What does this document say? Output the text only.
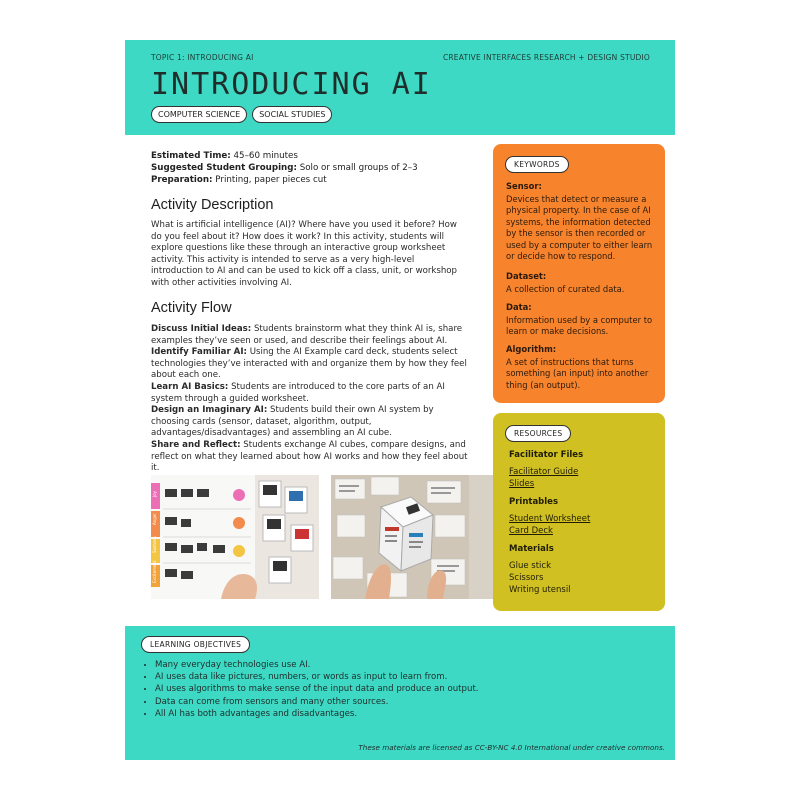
TOPIC 1: INTRODUCING AI	CREATIVE INTERFACES RESEARCH + DESIGN STUDIO
INTRODUCING AI
COMPUTER SCIENCE	SOCIAL STUDIES
Estimated Time: 45–60 minutes
Suggested Student Grouping: Solo or small groups of 2–3
Preparation: Printing, paper pieces cut
Activity Description
What is artificial intelligence (AI)? Where have you used it before? How do you feel about it? How does it work? In this activity, students will explore questions like these through an interactive group worksheet activity. This activity is intended to serve as a very high-level introduction to AI and can be used to kick off a class, unit, or workshop with other activities involving AI.
Activity Flow

Discuss Initial Ideas: Students brainstorm what they think AI is, share examples they’ve seen or used, and describe their feelings about AI.

Identify Familiar AI: Using the AI Example card deck, students select technologies they’ve interacted with and organize them by how they feel about each one.

Learn AI Basics: Students are introduced to the core parts of an AI system through a guided worksheet.

Design an Imaginary AI: Students build their own AI system by choosing cards (sensor, dataset, algorithm, output, advantages/disadvantages) and assembling an AI cube.

Share and Reflect: Students exchange AI cubes, compare designs, and reflect on what they learned about how AI works and how they feel about it.

Joy
Anger
Sadness
Excitement
KEYWORDS
Sensor:
Devices that detect or measure a physical property. In the case of AI systems, the information detected by the sensor is then recorded or used by a computer to either learn or decide how to respond.
Dataset:
A collection of curated data.
Data:
Information used by a computer to learn or make decisions.
Algorithm:
A set of instructions that turns something (an input) into another thing (an output).
RESOURCES
Facilitator Files
Facilitator Guide
Slides
Printables
Student Worksheet
Card Deck
Materials
Glue stick
Scissors
Writing utensil
LEARNING OBJECTIVES
• Many everyday technologies use AI.
• AI uses data like pictures, numbers, or words as input to learn from.
• AI uses algorithms to make sense of the input data and produce an output.
• Data can come from sensors and many other sources.
• All AI has both advantages and disadvantages.
These materials are licensed as CC-BY-NC 4.0 International under creative commons.
